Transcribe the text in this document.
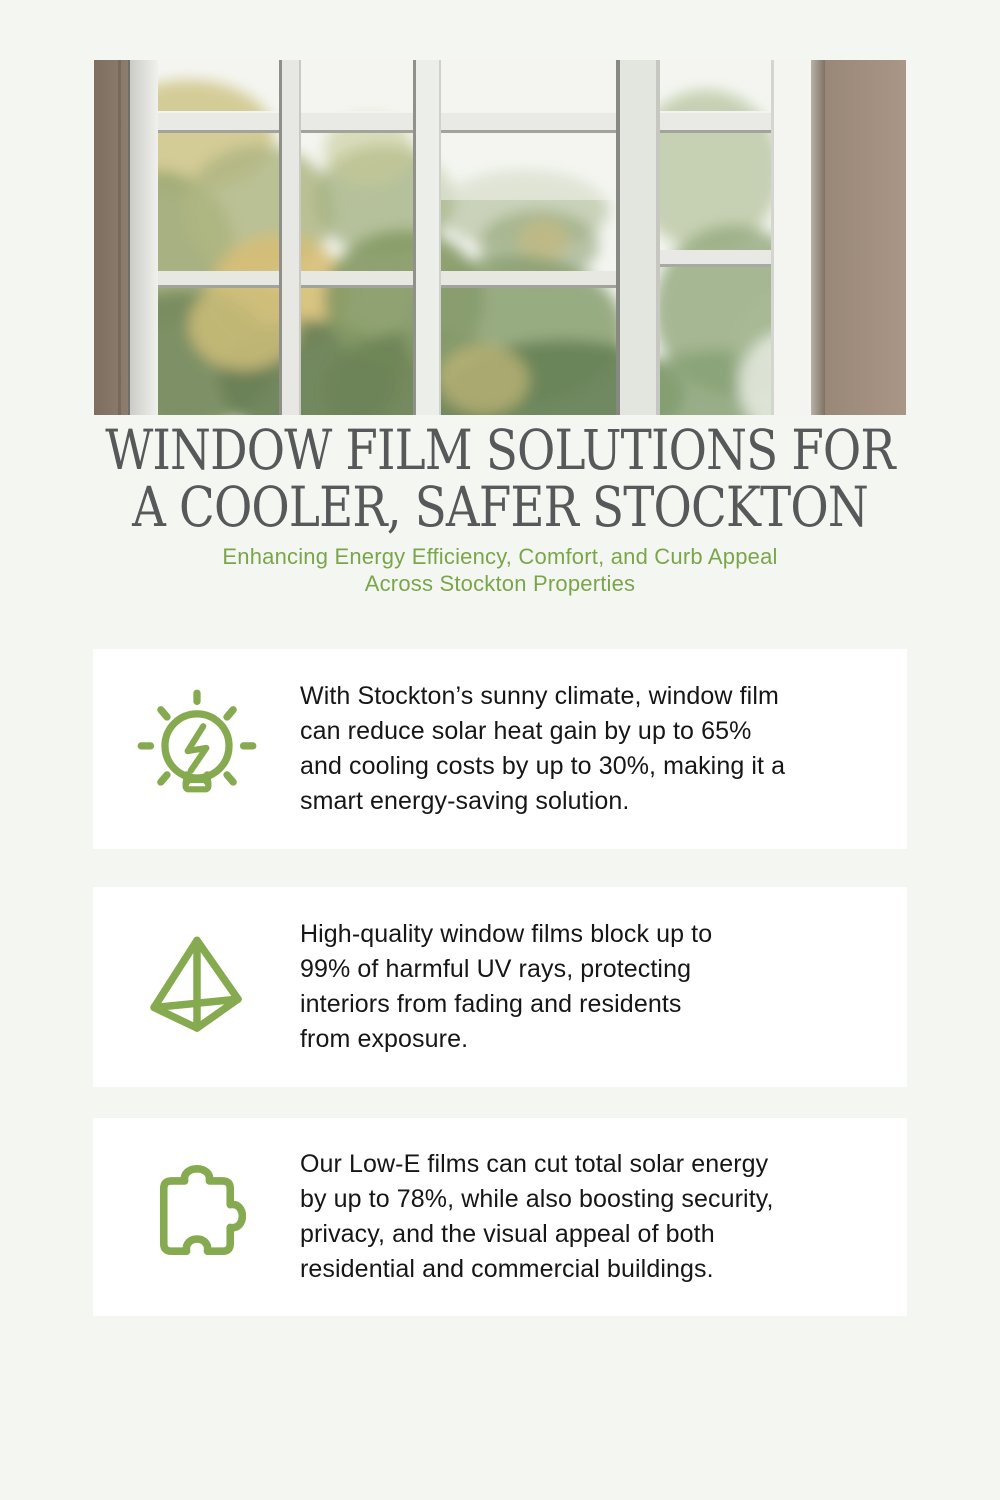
WINDOW FILM SOLUTIONS FOR
A COOLER, SAFER STOCKTON
Enhancing Energy Efficiency, Comfort, and Curb Appeal
Across Stockton Properties

With Stockton’s sunny climate, window film
can reduce solar heat gain by up to 65%
and cooling costs by up to 30%, making it a
smart energy-saving solution.

High-quality window films block up to
99% of harmful UV rays, protecting
interiors from fading and residents
from exposure.

Our Low-E films can cut total solar energy
by up to 78%, while also boosting security,
privacy, and the visual appeal of both
residential and commercial buildings.
